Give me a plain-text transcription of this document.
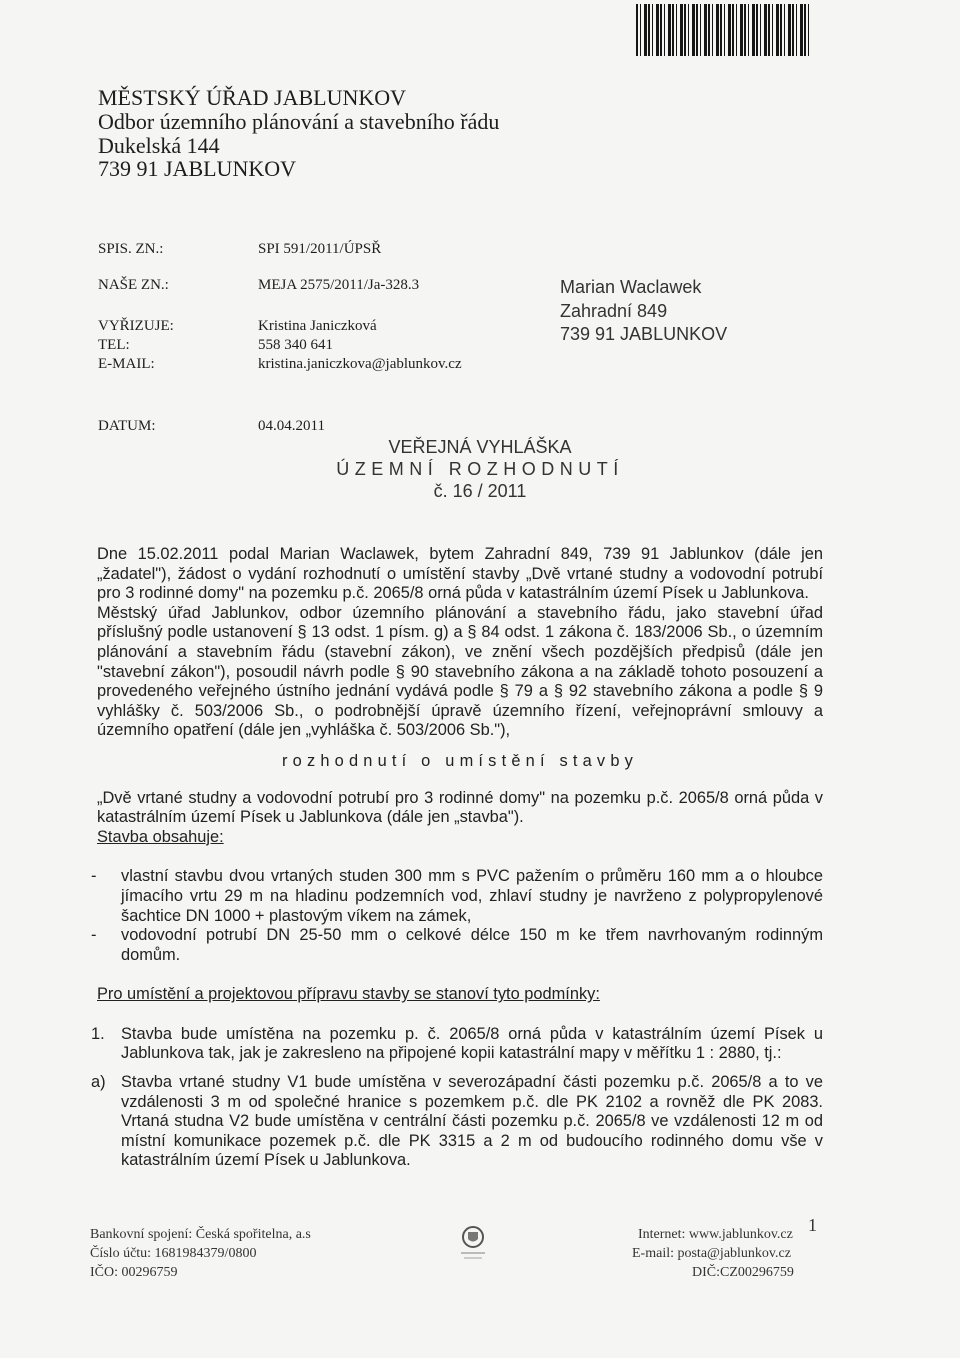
MĚSTSKÝ ÚŘAD JABLUNKOV
Odbor územního plánování a stavebního řádu
Dukelská 144
739 91 JABLUNKOV
SPIS. ZN.:	SPI 591/2011/ÚPSŘ
NAŠE ZN.:	MEJA 2575/2011/Ja-328.3
VYŘIZUJE:	Kristina Janiczková
TEL:	558 340 641
E-MAIL:	kristina.janiczkova@jablunkov.cz
DATUM:	04.04.2011
Marian Waclawek
Zahradní 849
739 91 JABLUNKOV
VEŘEJNÁ VYHLÁŠKA
ÚZEMNÍ ROZHODNUTÍ
č. 16 / 2011

Dne 15.02.2011 podal Marian Waclawek, bytem Zahradní 849, 739 91 Jablunkov (dále jen „žadatel"), žádost o vydání rozhodnutí o umístění stavby „Dvě vrtané studny a vodovodní potrubí pro 3 rodinné domy" na pozemku p.č. 2065/8 orná půda v katastrálním území Písek u Jablunkova.

Městský úřad Jablunkov, odbor územního plánování a stavebního řádu, jako stavební úřad příslušný podle ustanovení § 13 odst. 1 písm. g) a § 84 odst. 1 zákona č. 183/2006 Sb., o územním plánování a stavebním řádu (stavební zákon), ve znění všech pozdějších předpisů (dále jen "stavební zákon"), posoudil návrh podle § 90 stavebního zákona a na základě tohoto posouzení a provedeného veřejného ústního jednání vydává podle § 79 a § 92 stavebního zákona a podle § 9 vyhlášky č. 503/2006 Sb., o podrobnější úpravě územního řízení, veřejnoprávní smlouvy a územního opatření (dále jen „vyhláška č. 503/2006 Sb."),

rozhodnutí o umístění stavby

„Dvě vrtané studny a vodovodní potrubí pro 3 rodinné domy" na pozemku p.č. 2065/8 orná půda v katastrálním území Písek u Jablunkova (dále jen „stavba").

Stavba obsahuje:

- vlastní stavbu dvou vrtaných studen 300 mm s PVC pažením o průměru 160 mm a o hloubce jímacího vrtu 29 m na hladinu podzemních vod, zhlaví studny je navrženo z polypropylenové šachtice DN 1000 + plastovým víkem na zámek,
- vodovodní potrubí DN 25-50 mm o celkové délce 150 m ke třem navrhovaným rodinným domům.

Pro umístění a projektovou přípravu stavby se stanoví tyto podmínky:

1. Stavba bude umístěna na pozemku p. č. 2065/8 orná půda v katastrálním území Písek u Jablunkova tak, jak je zakresleno na připojené kopii katastrální mapy v měřítku 1 : 2880, tj.:
a) Stavba vrtané studny V1 bude umístěna v severozápadní části pozemku p.č. 2065/8 a to ve vzdálenosti 3 m od společné hranice s pozemkem p.č. dle PK 2102 a rovněž dle PK 2083. Vrtaná studna V2 bude umístěna v centrální části pozemku p.č. 2065/8 ve vzdálenosti 12 m od místní komunikace pozemek p.č. dle PK 3315 a 2 m od budoucího rodinného domu vše v katastrálním území Písek u Jablunkova.
Bankovní spojení: Česká spořitelna, a.s
Číslo účtu: 1681984379/0800
IČO: 00296759
Internet: www.jablunkov.cz
E-mail: posta@jablunkov.cz
DIČ:CZ00296759
1
